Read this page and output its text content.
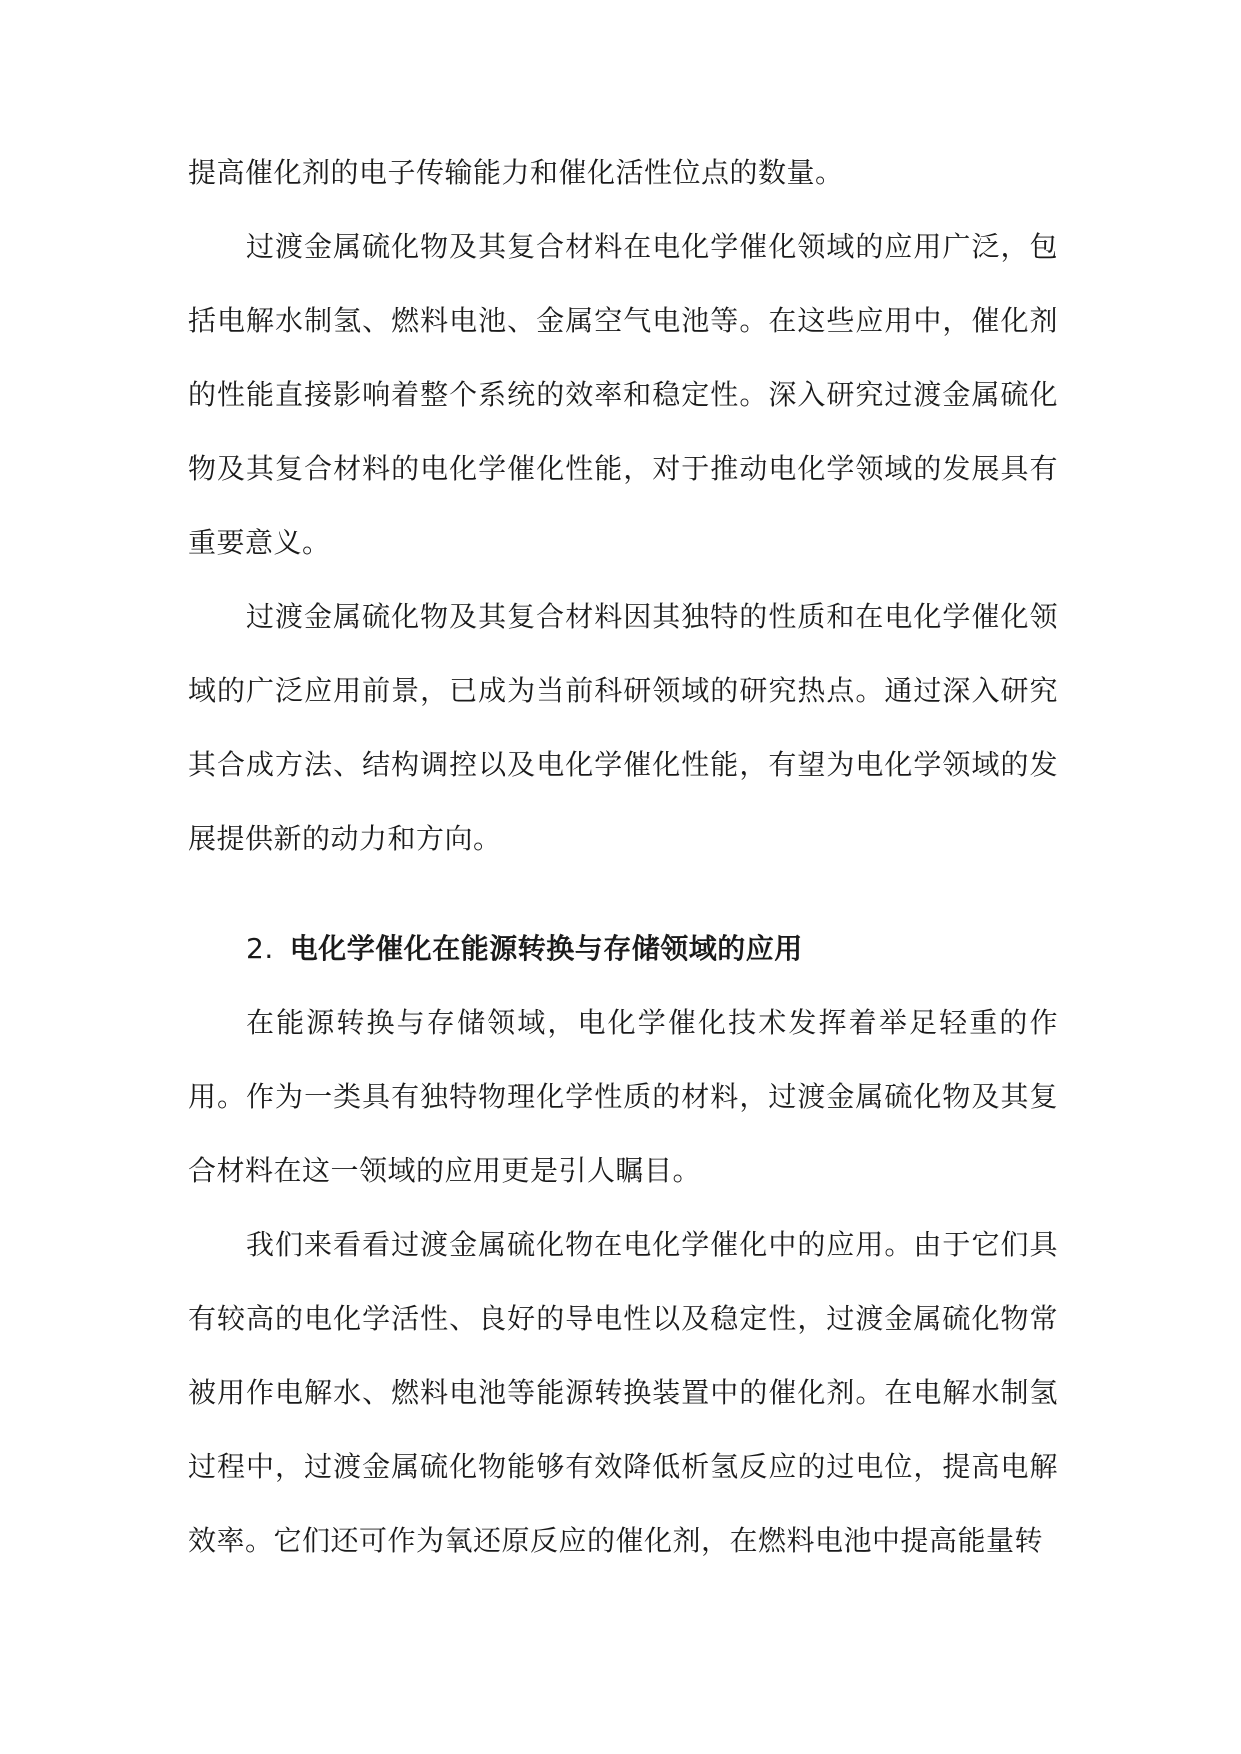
提高催化剂的电子传输能力和催化活性位点的数量。

过渡金属硫化物及其复合材料在电化学催化领域的应用广泛，包括电解水制氢、燃料电池、金属空气电池等。在这些应用中，催化剂的性能直接影响着整个系统的效率和稳定性。深入研究过渡金属硫化物及其复合材料的电化学催化性能，对于推动电化学领域的发展具有重要意义。

过渡金属硫化物及其复合材料因其独特的性质和在电化学催化领域的广泛应用前景，已成为当前科研领域的研究热点。通过深入研究其合成方法、结构调控以及电化学催化性能，有望为电化学领域的发展提供新的动力和方向。

2. 电化学催化在能源转换与存储领域的应用

在能源转换与存储领域，电化学催化技术发挥着举足轻重的作用。作为一类具有独特物理化学性质的材料，过渡金属硫化物及其复合材料在这一领域的应用更是引人瞩目。

我们来看看过渡金属硫化物在电化学催化中的应用。由于它们具有较高的电化学活性、良好的导电性以及稳定性，过渡金属硫化物常被用作电解水、燃料电池等能源转换装置中的催化剂。在电解水制氢过程中，过渡金属硫化物能够有效降低析氢反应的过电位，提高电解效率。它们还可作为氧还原反应的催化剂，在燃料电池中提高能量转
